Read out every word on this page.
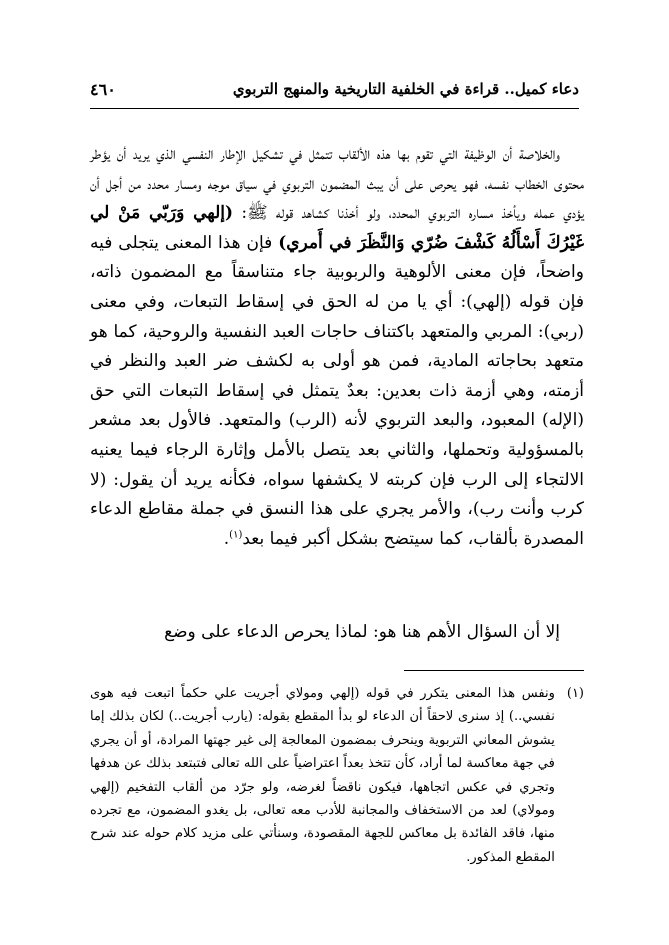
دعاء كميل.. قراءة في الخلفية التاريخية والمنهج التربوي
٤٦٠

والخلاصة أن الوظيفة التي تقوم بها هذه الألقاب تتمثل في تشكيل الإطار النفسي الذي يريد أن يؤطر محتوى الخطاب نفسه، فهو يحرص على أن يبث المضمون التربوي في سياق موجه ومسار محدد من أجل أن يؤدي عمله ويأخذ مساره التربوي المحدد، ولو أخذنا كشاهد قوله ﷺ: (إلهي وَرَبّي مَنْ لي غَيْرُكَ أَسْأَلُهُ كَشْفَ ضُرّي وَالنَّظَرَ في أَمري) فإن هذا المعنى يتجلى فيه واضحاً، فإن معنى الألوهية والربوبية جاء متناسقاً مع المضمون ذاته، فإن قوله (إلهي): أي يا من له الحق في إسقاط التبعات، وفي معنى (ربي): المربي والمتعهد باكتناف حاجات العبد النفسية والروحية، كما هو متعهد بحاجاته المادية، فمن هو أولى به لكشف ضر العبد والنظر في أزمته، وهي أزمة ذات بعدين: بعدٌ يتمثل في إسقاط التبعات التي حق (الإله) المعبود، والبعد التربوي لأنه (الرب) والمتعهد. فالأول بعد مشعر بالمسؤولية وتحملها، والثاني بعد يتصل بالأمل وإثارة الرجاء فيما يعنيه الالتجاء إلى الرب فإن كربته لا يكشفها سواه، فكأنه يريد أن يقول: (لا كرب وأنت رب)، والأمر يجري على هذا النسق في جملة مقاطع الدعاء المصدرة بألقاب، كما سيتضح بشكل أكبر فيما بعد$^{(١)}$.

إلا أن السؤال الأهم هنا هو: لماذا يحرص الدعاء على وضع
(١)
ونفس هذا المعنى يتكرر في قوله (إلهي ومولاي أجريت علي حكماً اتبعت فيه هوى نفسي..) إذ سنرى لاحقاً أن الدعاء لو بدأ المقطع بقوله: (يارب أجريت..) لكان بذلك إما يشوش المعاني التربوية وينحرف بمضمون المعالجة إلى غير جهتها المرادة، أو أن يجري في جهة معاكسة لما أراد، كأن تتخذ بعداً اعتراضياً على الله تعالى فتبتعد بذلك عن هدفها وتجري في عكس اتجاهها، فيكون ناقضاً لغرضه، ولو جرّد من ألقاب التفخيم (إلهي ومولاي) لعد من الاستخفاف والمجانبة للأدب معه تعالى، بل يغدو المضمون، مع تجرده منها، فاقد الفائدة بل معاكس للجهة المقصودة، وسنأتي على مزيد كلام حوله عند شرح المقطع المذكور.
